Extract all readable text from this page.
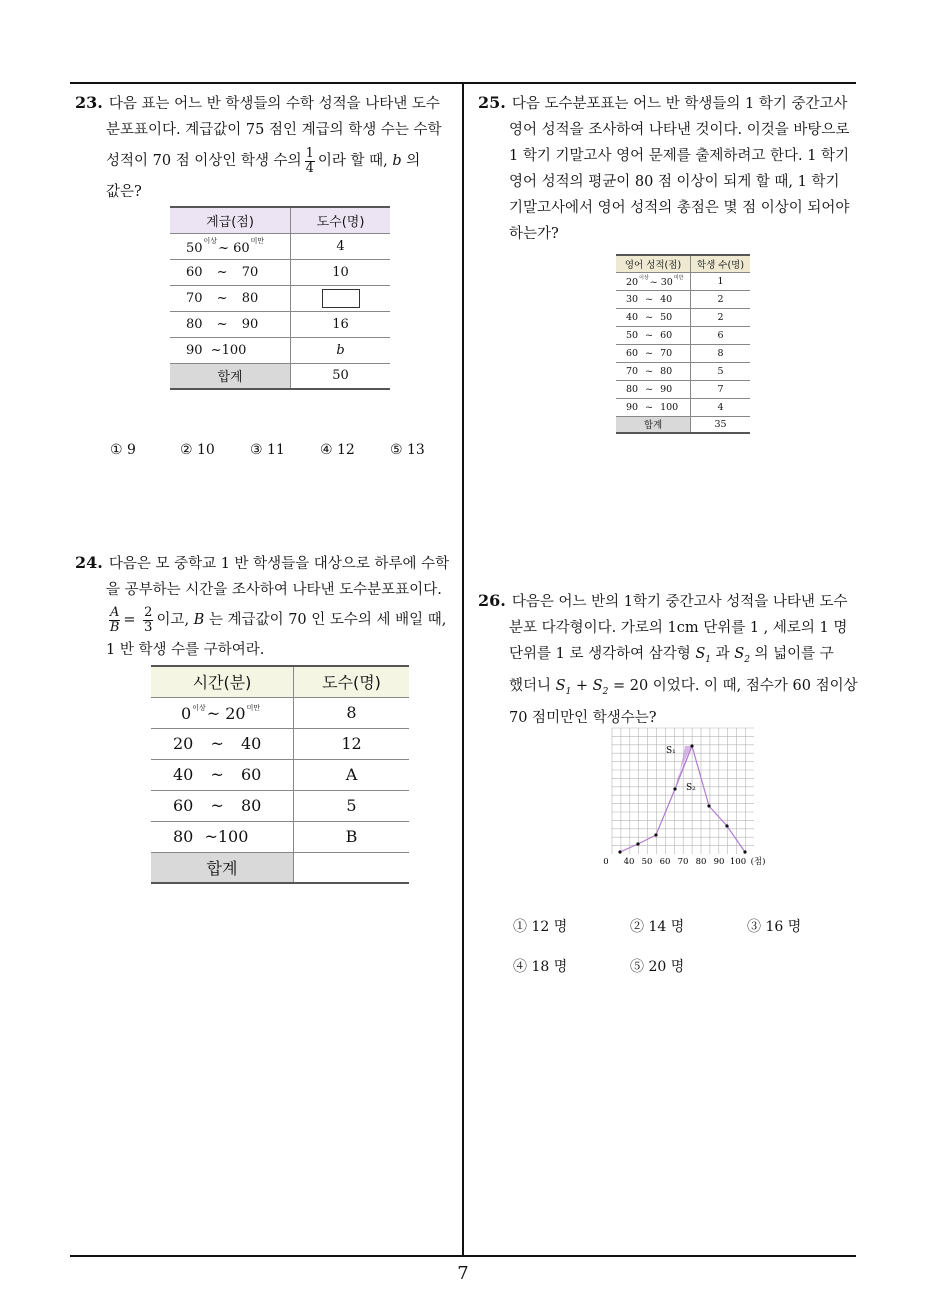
7
23. 다음 표는 어느 반 학생들의 수학 성적을 나타낸 도수
분포표이다. 계급값이 75 점인 계급의 학생 수는 수학
성적이 70 점 이상인 학생 수의 $\frac{1}{4}$ 이라 할 때, b 의
값은?
계급(점)	도수(명)
$50^{이상}\sim$ $60^{미만}$	4
60 ~ 70	10
70 ~ 80	
80 ~ 90	16
90 ~100	b
합계	50
① 9	② 10	③ 11	④ 12	⑤ 13
24. 다음은 모 중학교 1 반 학생들을 대상으로 하루에 수학
을 공부하는 시간을 조사하여 나타낸 도수분포표이다.
$\frac{A}{B} = \frac{2}{3}$ 이고, B 는 계급값이 70 인 도수의 세 배일 때,
1 반 학생 수를 구하여라.
시간(분)	도수(명)
$0^{이상}\sim$ $20^{미만}$	8
20 ~ 40	12
40 ~ 60	A
60 ~ 80	5
80 ~100	B
합계	
25. 다음 도수분포표는 어느 반 학생들의 1 학기 중간고사
영어 성적을 조사하여 나타낸 것이다. 이것을 바탕으로
1 학기 기말고사 영어 문제를 출제하려고 한다. 1 학기
영어 성적의 평균이 80 점 이상이 되게 할 때, 1 학기
기말고사에서 영어 성적의 총점은 몇 점 이상이 되어야
하는가?
영어 성적(점)	학생 수(명)
$20^{이상}\sim$ $30^{미만}$	1
30 ~ 40	2
40 ~ 50	2
50 ~ 60	6
60 ~ 70	8
70 ~ 80	5
80 ~ 90	7
90 ~ 100	4
합계	35
26. 다음은 어느 반의 1학기 중간고사 성적을 나타낸 도수
분포 다각형이다. 가로의 1cm 단위를 1 , 세로의 1 명
단위를 1 로 생각하여 삼각형 $S_1$ 과 $S_2$ 의 넓이를 구
했더니 $S_1 + S_2 = 20$ 이었다. 이 때, 점수가 60 점이상
70 점미만인 학생수는?
S₁
S₂
0 40 50 60 70 80 90 100 (점)
① 12 명	② 14 명	③ 16 명
④ 18 명	⑤ 20 명
